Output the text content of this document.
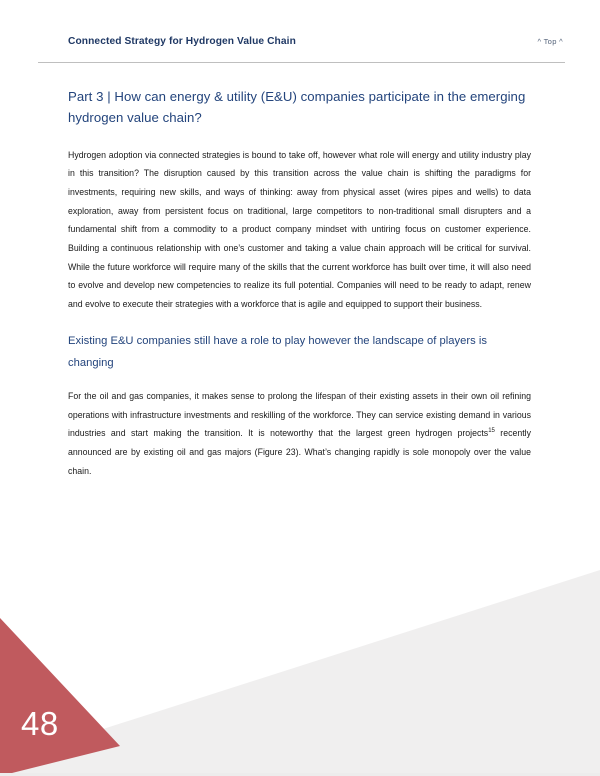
Connected Strategy for Hydrogen Value Chain	^ Top ^
Part 3 | How can energy & utility (E&U) companies participate in the emerging hydrogen value chain?

Hydrogen adoption via connected strategies is bound to take off, however what role will energy and utility industry play in this transition? The disruption caused by this transition across the value chain is shifting the paradigms for investments, requiring new skills, and ways of thinking: away from physical asset (wires pipes and wells) to data exploration, away from persistent focus on traditional, large competitors to non-traditional small disrupters and a fundamental shift from a commodity to a product company mindset with untiring focus on customer experience. Building a continuous relationship with one’s customer and taking a value chain approach will be critical for survival. While the future workforce will require many of the skills that the current workforce has built over time, it will also need to evolve and develop new competencies to realize its full potential. Companies will need to be ready to adapt, renew and evolve to execute their strategies with a workforce that is agile and equipped to support their business.

Existing E&U companies still have a role to play however the landscape of players is changing

For the oil and gas companies, it makes sense to prolong the lifespan of their existing assets in their own oil refining operations with infrastructure investments and reskilling of the workforce. They can service existing demand in various industries and start making the transition. It is noteworthy that the largest green hydrogen projects$^{15}$ recently announced are by existing oil and gas majors (Figure 23). What’s changing rapidly is sole monopoly over the value chain.

48
